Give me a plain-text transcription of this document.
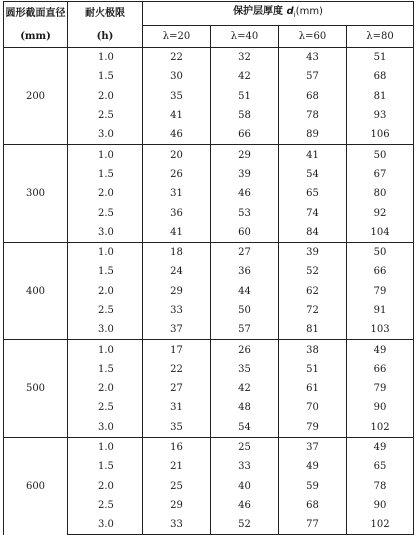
圆形截面直径	耐火极限	保护层厚度 $d_i(mm)$			
(mm)	(h)	λ=20	λ=40	λ=60	λ=80
200	1.0	22	32	43	51
	1.5	30	42	57	68
	2.0	35	51	68	81
	2.5	41	58	78	93
	3.0	46	66	89	106
300	1.0	20	29	41	50
	1.5	26	39	54	67
	2.0	31	46	65	80
	2.5	36	53	74	92
	3.0	41	60	84	104
400	1.0	18	27	39	50
	1.5	24	36	52	66
	2.0	29	44	62	79
	2.5	33	50	72	91
	3.0	37	57	81	103
500	1.0	17	26	38	49
	1.5	22	35	51	66
	2.0	27	42	61	79
	2.5	31	48	70	90
	3.0	35	54	79	102
600	1.0	16	25	37	49
	1.5	21	33	49	65
	2.0	25	40	59	78
	2.5	29	46	68	90
	3.0	33	52	77	102
